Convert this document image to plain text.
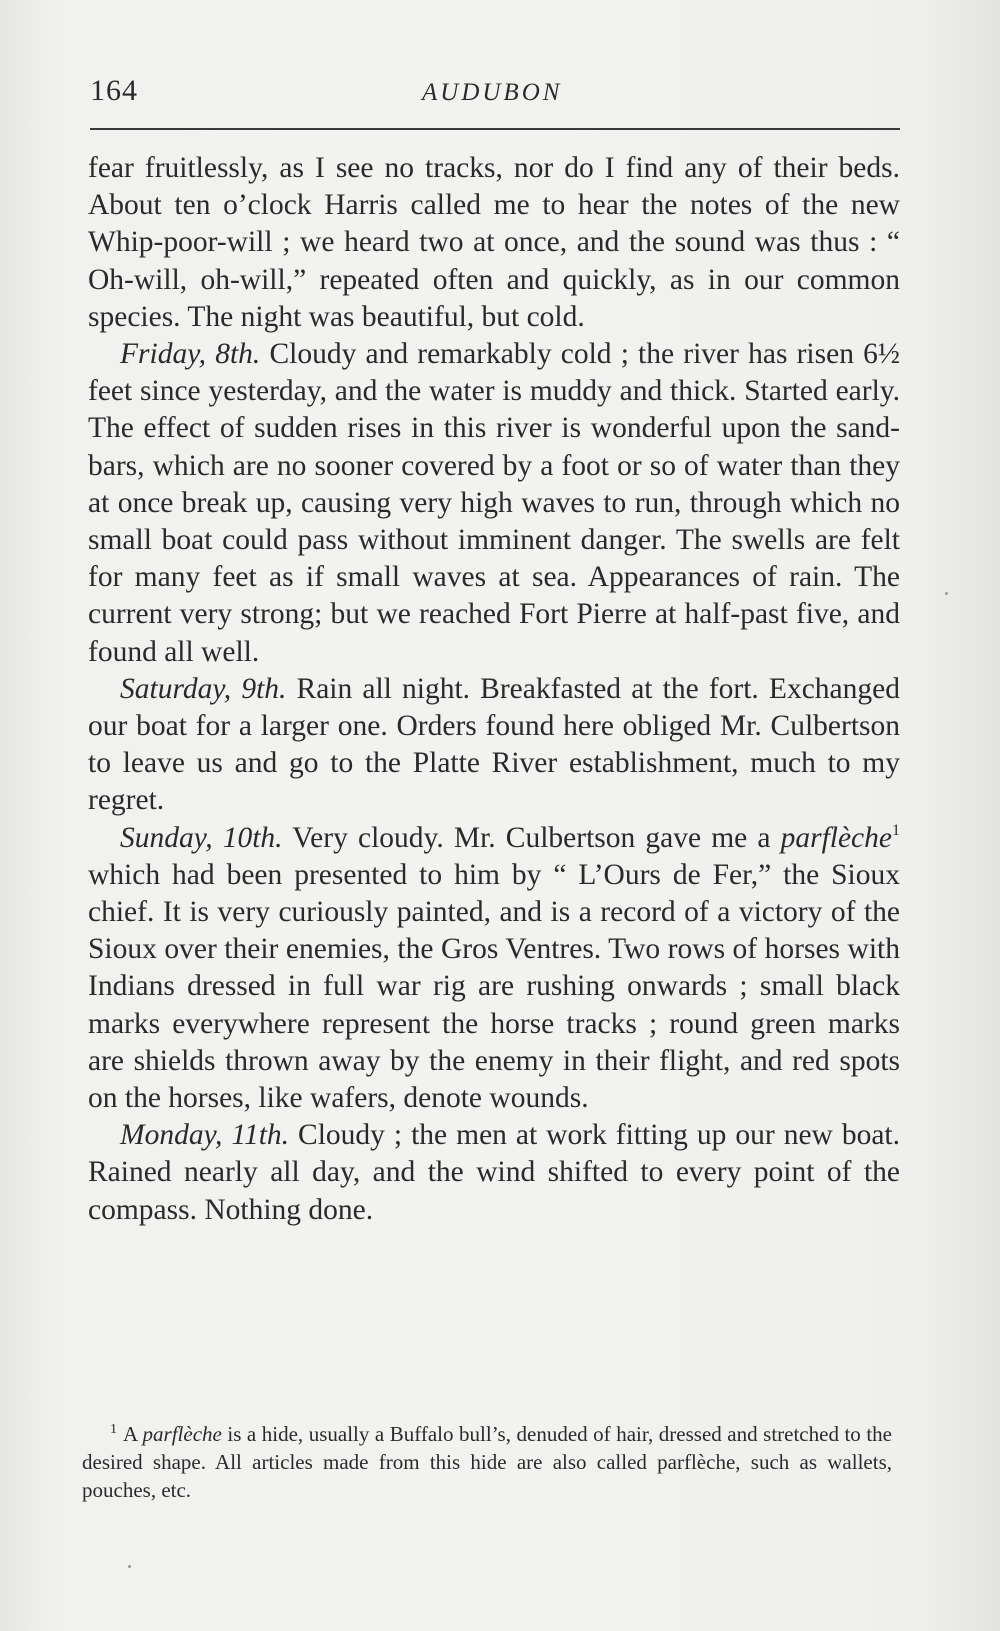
164	AUDUBON

fear fruitlessly, as I see no tracks, nor do I find any of their beds. About ten o’clock Harris called me to hear the notes of the new Whip-poor-will ; we heard two at once, and the sound was thus : “ Oh-will, oh-will,” repeated often and quickly, as in our common species. The night was beautiful, but cold.

Friday, 8th. Cloudy and remarkably cold ; the river has risen 6½ feet since yesterday, and the water is muddy and thick. Started early. The effect of sudden rises in this river is wonderful upon the sand-bars, which are no sooner covered by a foot or so of water than they at once break up, causing very high waves to run, through which no small boat could pass without imminent danger. The swells are felt for many feet as if small waves at sea. Appearances of rain. The current very strong; but we reached Fort Pierre at half-past five, and found all well.

Saturday, 9th. Rain all night. Breakfasted at the fort. Exchanged our boat for a larger one. Orders found here obliged Mr. Culbertson to leave us and go to the Platte River establishment, much to my regret.

Sunday, 10th. Very cloudy. Mr. Culbertson gave me a parflèche$^1$ which had been presented to him by “ L’Ours de Fer,” the Sioux chief. It is very curiously painted, and is a record of a victory of the Sioux over their enemies, the Gros Ventres. Two rows of horses with Indians dressed in full war rig are rushing onwards ; small black marks everywhere represent the horse tracks ; round green marks are shields thrown away by the enemy in their flight, and red spots on the horses, like wafers, denote wounds.

Monday, 11th. Cloudy ; the men at work fitting up our new boat. Rained nearly all day, and the wind shifted to every point of the compass. Nothing done.

$^1$ A parflèche is a hide, usually a Buffalo bull’s, denuded of hair, dressed and stretched to the desired shape. All articles made from this hide are also called parflèche, such as wallets, pouches, etc.
